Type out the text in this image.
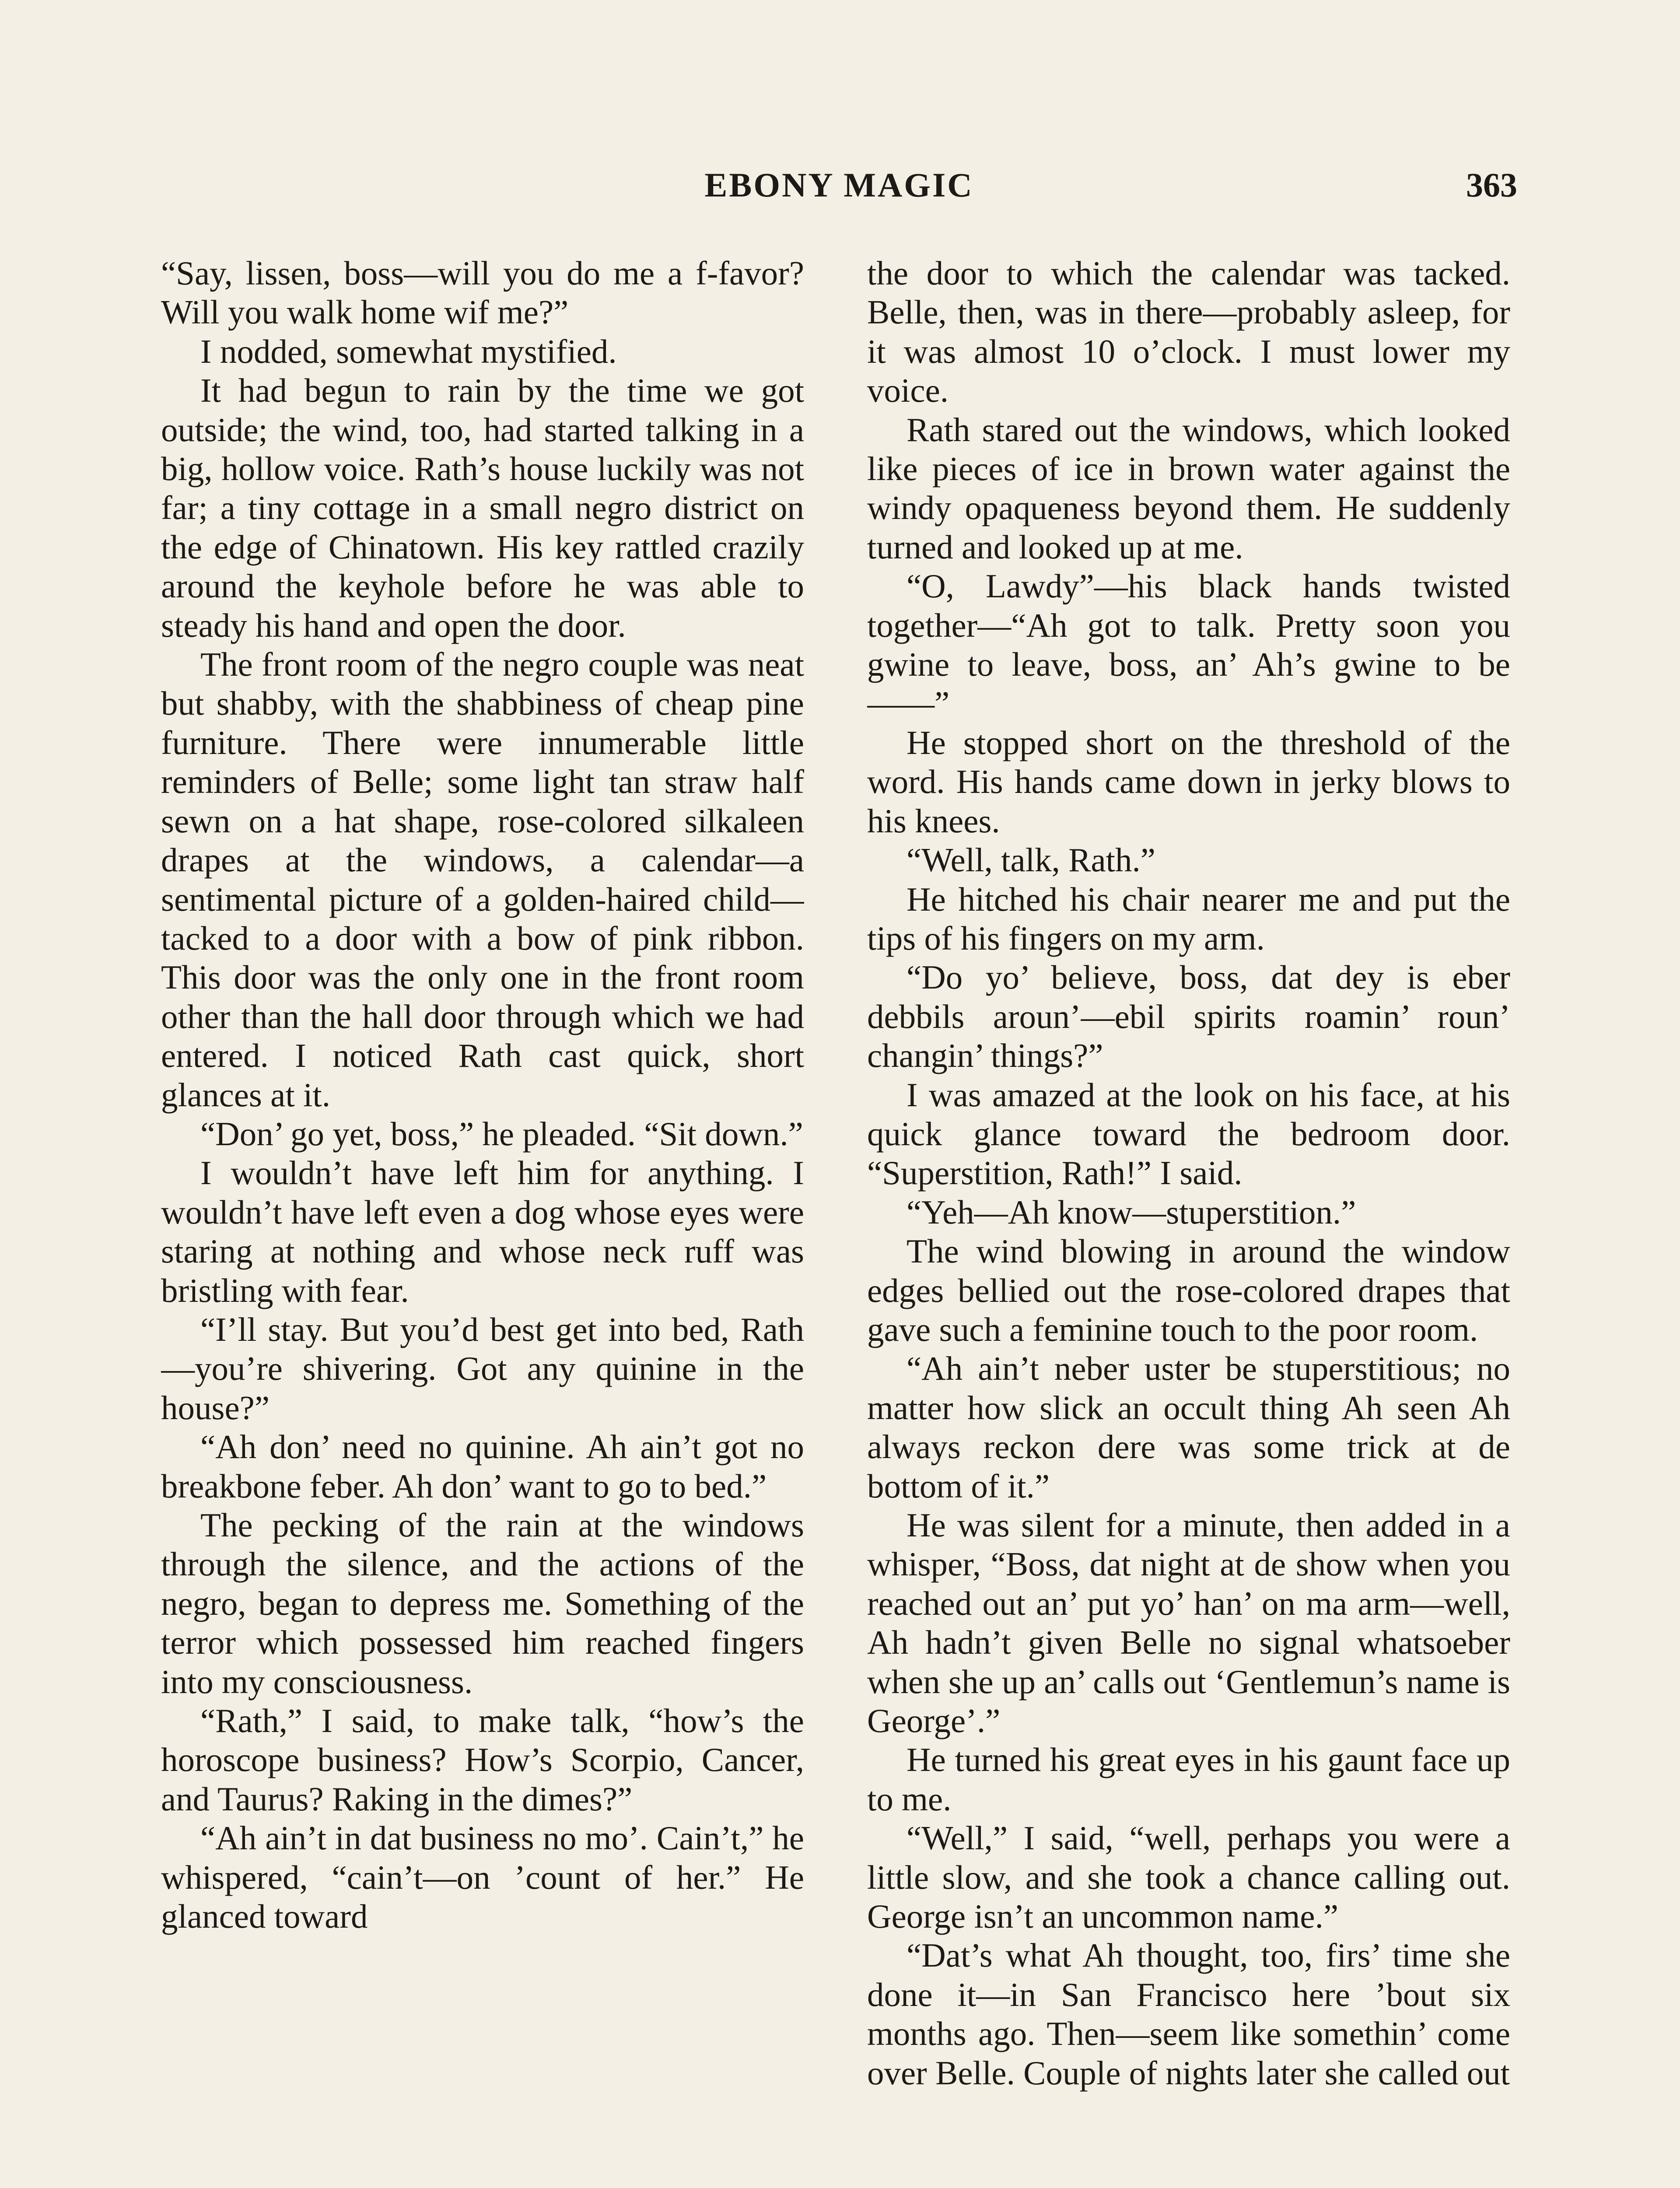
EBONY MAGIC	363

“Say, lissen, boss—will you do me a f-favor? Will you walk home wif me?”

I nodded, somewhat mystified.

It had begun to rain by the time we got outside; the wind, too, had started talking in a big, hollow voice. Rath’s house luckily was not far; a tiny cottage in a small negro district on the edge of Chinatown. His key rattled crazily around the keyhole before he was able to steady his hand and open the door.

The front room of the negro couple was neat but shabby, with the shabbiness of cheap pine furniture. There were innumerable little reminders of Belle; some light tan straw half sewn on a hat shape, rose-colored silkaleen drapes at the windows, a calendar—a sentimental picture of a golden-haired child—tacked to a door with a bow of pink ribbon. This door was the only one in the front room other than the hall door through which we had entered. I noticed Rath cast quick, short glances at it.

“Don’ go yet, boss,” he pleaded. “Sit down.”

I wouldn’t have left him for anything. I wouldn’t have left even a dog whose eyes were staring at nothing and whose neck ruff was bristling with fear.

“I’ll stay. But you’d best get into bed, Rath—you’re shivering. Got any quinine in the house?”

“Ah don’ need no quinine. Ah ain’t got no breakbone feber. Ah don’ want to go to bed.”

The pecking of the rain at the windows through the silence, and the actions of the negro, began to depress me. Something of the terror which possessed him reached fingers into my consciousness.

“Rath,” I said, to make talk, “how’s the horoscope business? How’s Scorpio, Cancer, and Taurus? Raking in the dimes?”

“Ah ain’t in dat business no mo’. Cain’t,” he whispered, “cain’t—on ’count of her.” He glanced toward

the door to which the calendar was tacked. Belle, then, was in there—probably asleep, for it was almost 10 o’clock. I must lower my voice.

Rath stared out the windows, which looked like pieces of ice in brown water against the windy opaqueness beyond them. He suddenly turned and looked up at me.

“O, Lawdy”—his black hands twisted together—“Ah got to talk. Pretty soon you gwine to leave, boss, an’ Ah’s gwine to be——”

He stopped short on the threshold of the word. His hands came down in jerky blows to his knees.

“Well, talk, Rath.”

He hitched his chair nearer me and put the tips of his fingers on my arm.

“Do yo’ believe, boss, dat dey is eber debbils aroun’—ebil spirits roamin’ roun’ changin’ things?”

I was amazed at the look on his face, at his quick glance toward the bedroom door. “Superstition, Rath!” I said.

“Yeh—Ah know—stuperstition.”

The wind blowing in around the window edges bellied out the rose-colored drapes that gave such a feminine touch to the poor room.

“Ah ain’t neber uster be stuperstitious; no matter how slick an occult thing Ah seen Ah always reckon dere was some trick at de bottom of it.”

He was silent for a minute, then added in a whisper, “Boss, dat night at de show when you reached out an’ put yo’ han’ on ma arm—well, Ah hadn’t given Belle no signal whatsoeber when she up an’ calls out ‘Gentlemun’s name is George’.”

He turned his great eyes in his gaunt face up to me.

“Well,” I said, “well, perhaps you were a little slow, and she took a chance calling out. George isn’t an uncommon name.”

“Dat’s what Ah thought, too, firs’ time she done it—in San Francisco here ’bout six months ago. Then—seem like somethin’ come over Belle. Couple of nights later she called out
